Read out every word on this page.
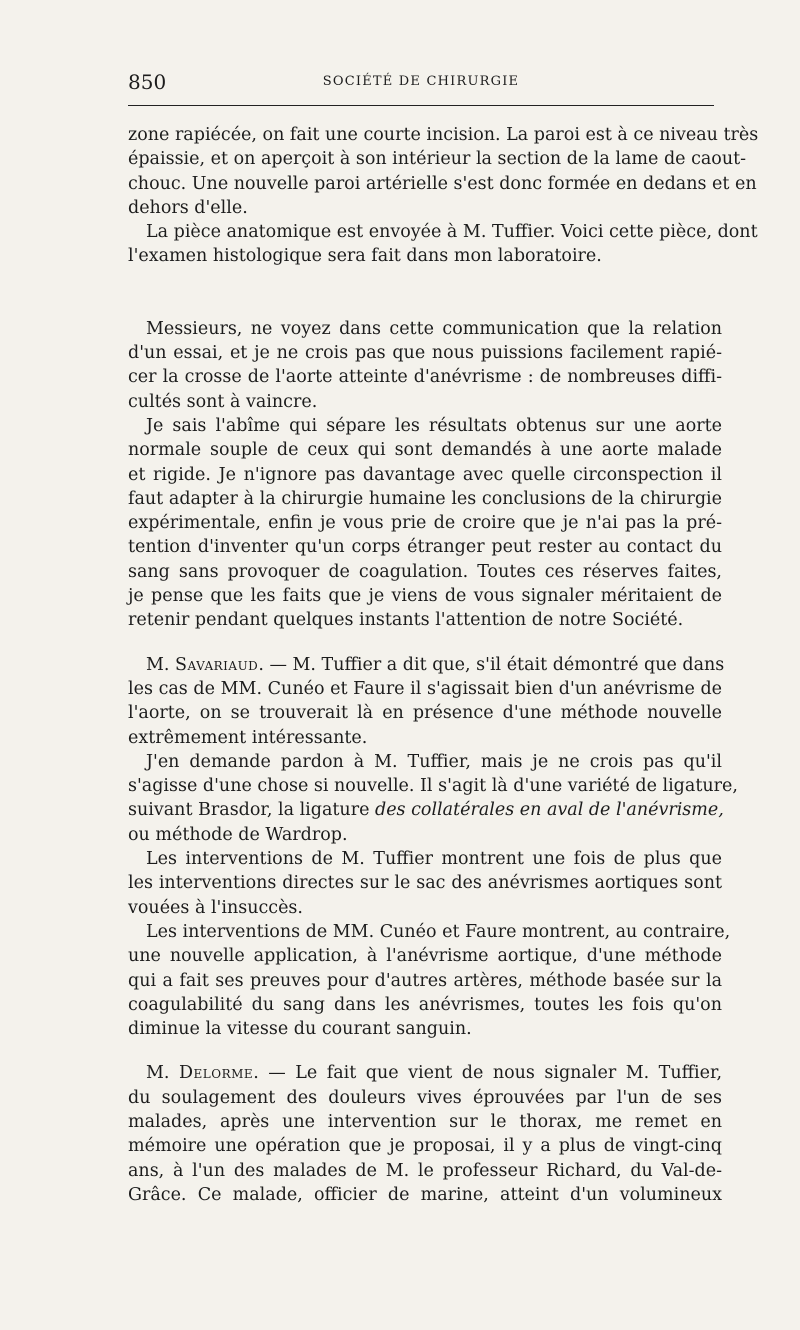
850	SOCIÉTÉ DE CHIRURGIE

zone rapiécée, on fait une courte incision. La paroi est à ce niveau très

épaissie, et on aperçoit à son intérieur la section de la lame de caout-

chouc. Une nouvelle paroi artérielle s'est donc formée en dedans et en

dehors d'elle.

La pièce anatomique est envoyée à M. Tuffier. Voici cette pièce, dont

l'examen histologique sera fait dans mon laboratoire.

Messieurs, ne voyez dans cette communication que la relation

d'un essai, et je ne crois pas que nous puissions facilement rapié-

cer la crosse de l'aorte atteinte d'anévrisme : de nombreuses diffi-

cultés sont à vaincre.

Je sais l'abîme qui sépare les résultats obtenus sur une aorte

normale souple de ceux qui sont demandés à une aorte malade

et rigide. Je n'ignore pas davantage avec quelle circonspection il

faut adapter à la chirurgie humaine les conclusions de la chirurgie

expérimentale, enfin je vous prie de croire que je n'ai pas la pré-

tention d'inventer qu'un corps étranger peut rester au contact du

sang sans provoquer de coagulation. Toutes ces réserves faites,

je pense que les faits que je viens de vous signaler méritaient de

retenir pendant quelques instants l'attention de notre Société.

M. Savariaud. — M. Tuffier a dit que, s'il était démontré que dans

les cas de MM. Cunéo et Faure il s'agissait bien d'un anévrisme de

l'aorte, on se trouverait là en présence d'une méthode nouvelle

extrêmement intéressante.

J'en demande pardon à M. Tuffier, mais je ne crois pas qu'il

s'agisse d'une chose si nouvelle. Il s'agit là d'une variété de ligature,

suivant Brasdor, la ligature des collatérales en aval de l'anévrisme,

ou méthode de Wardrop.

Les interventions de M. Tuffier montrent une fois de plus que

les interventions directes sur le sac des anévrismes aortiques sont

vouées à l'insuccès.

Les interventions de MM. Cunéo et Faure montrent, au contraire,

une nouvelle application, à l'anévrisme aortique, d'une méthode

qui a fait ses preuves pour d'autres artères, méthode basée sur la

coagulabilité du sang dans les anévrismes, toutes les fois qu'on

diminue la vitesse du courant sanguin.

M. Delorme. — Le fait que vient de nous signaler M. Tuffier,

du soulagement des douleurs vives éprouvées par l'un de ses

malades, après une intervention sur le thorax, me remet en

mémoire une opération que je proposai, il y a plus de vingt-cinq

ans, à l'un des malades de M. le professeur Richard, du Val-de-

Grâce. Ce malade, officier de marine, atteint d'un volumineux
